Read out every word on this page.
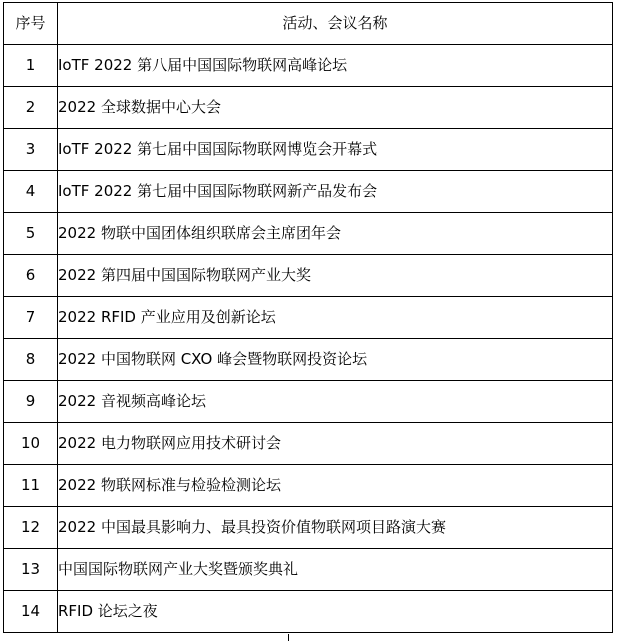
序号	活动、会议名称
1	IoTF 2022 第八届中国国际物联网高峰论坛
2	2022 全球数据中心大会
3	IoTF 2022 第七届中国国际物联网博览会开幕式
4	IoTF 2022 第七届中国国际物联网新产品发布会
5	2022 物联中国团体组织联席会主席团年会
6	2022 第四届中国国际物联网产业大奖
7	2022 RFID 产业应用及创新论坛
8	2022 中国物联网 CXO 峰会暨物联网投资论坛
9	2022 音视频高峰论坛
10	2022 电力物联网应用技术研讨会
11	2022 物联网标准与检验检测论坛
12	2022 中国最具影响力、最具投资价值物联网项目路演大赛
13	中国国际物联网产业大奖暨颁奖典礼
14	RFID 论坛之夜
